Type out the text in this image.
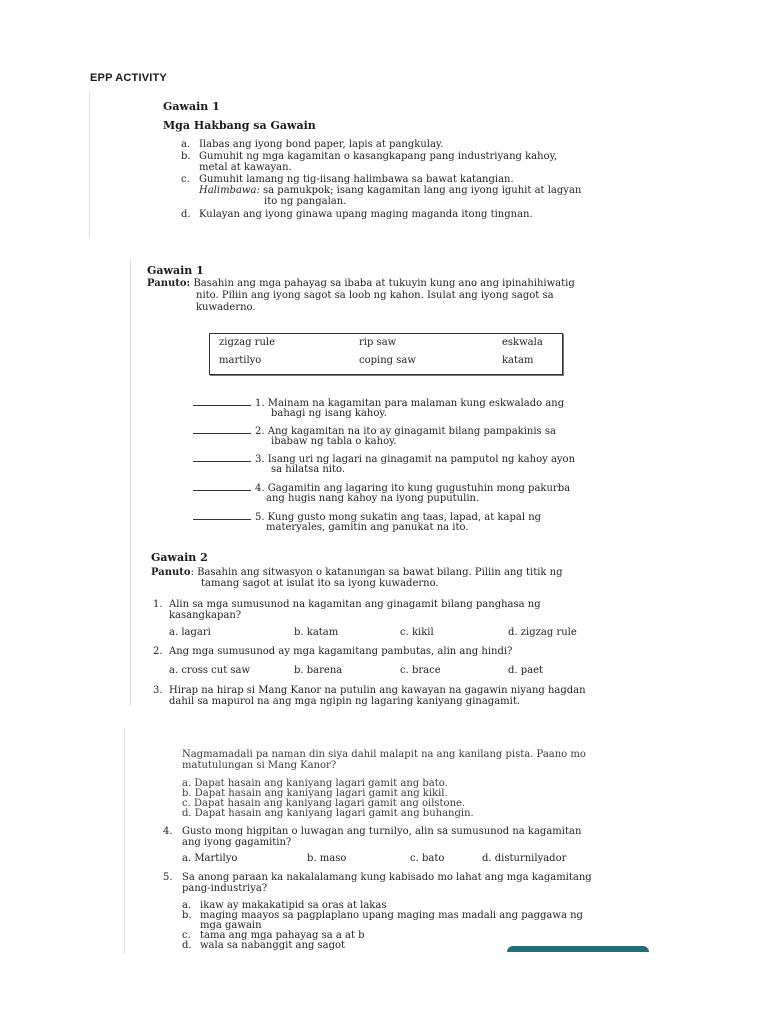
EPP ACTIVITY
Gawain 1
Mga Hakbang sa Gawain
a. Ilabas ang iyong bond paper, lapis at pangkulay.
b. Gumuhit ng mga kagamitan o kasangkapang pang industriyang kahoy,
metal at kawayan.
c. Gumuhit lamang ng tig-iisang halimbawa sa bawat katangian.
Halimbawa: sa pamukpok; isang kagamitan lang ang iyong iguhit at lagyan
ito ng pangalan.
d. Kulayan ang iyong ginawa upang maging maganda itong tingnan.
Gawain 1
Panuto: Basahin ang mga pahayag sa ibaba at tukuyin kung ano ang ipinahihiwatig
nito. Piliin ang iyong sagot sa loob ng kahon. Isulat ang iyong sagot sa
kuwaderno.
zigzag rule	rip saw	eskwala
martilyo	coping saw	katam
1. Mainam na kagamitan para malaman kung eskwalado ang
bahagi ng isang kahoy.
2. Ang kagamitan na ito ay ginagamit bilang pampakinis sa
ibabaw ng tabla o kahoy.
3. Isang uri ng lagari na ginagamit na pamputol ng kahoy ayon
sa hilatsa nito.
4. Gagamitin ang lagaring ito kung gugustuhin mong pakurba
ang hugis nang kahoy na iyong puputulin.
5. Kung gusto mong sukatin ang taas, lapad, at kapal ng
materyales, gamitin ang panukat na ito.
Gawain 2
Panuto: Basahin ang sitwasyon o katanungan sa bawat bilang. Piliin ang titik ng
tamang sagot at isulat ito sa iyong kuwaderno.
1. Alin sa mga sumusunod na kagamitan ang ginagamit bilang panghasa ng
kasangkapan?
a. lagari	b. katam	c. kikil	d. zigzag rule
2. Ang mga sumusunod ay mga kagamitang pambutas, alin ang hindi?
a. cross cut saw	b. barena	c. brace	d. paet
3. Hirap na hirap si Mang Kanor na putulin ang kawayan na gagawin niyang hagdan
dahil sa mapurol na ang mga ngipin ng lagaring kaniyang ginagamit.
Nagmamadali pa naman din siya dahil malapit na ang kanilang pista. Paano mo
matutulungan si Mang Kanor?
a. Dapat hasain ang kaniyang lagari gamit ang bato.
b. Dapat hasain ang kaniyang lagari gamit ang kikil.
c. Dapat hasain ang kaniyang lagari gamit ang oilstone.
d. Dapat hasain ang kaniyang lagari gamit ang buhangin.
4. Gusto mong higpitan o luwagan ang turnilyo, alin sa sumusunod na kagamitan
ang iyong gagamitin?
a. Martilyo	b. maso	c. bato	d. disturnilyador
5. Sa anong paraan ka nakalalamang kung kabisado mo lahat ang mga kagamitang
pang-industriya?
a. ikaw ay makakatipid sa oras at lakas
b. maging maayos sa pagplaplano upang maging mas madali ang paggawa ng
mga gawain
c. tama ang mga pahayag sa a at b
d. wala sa nabanggit ang sagot
